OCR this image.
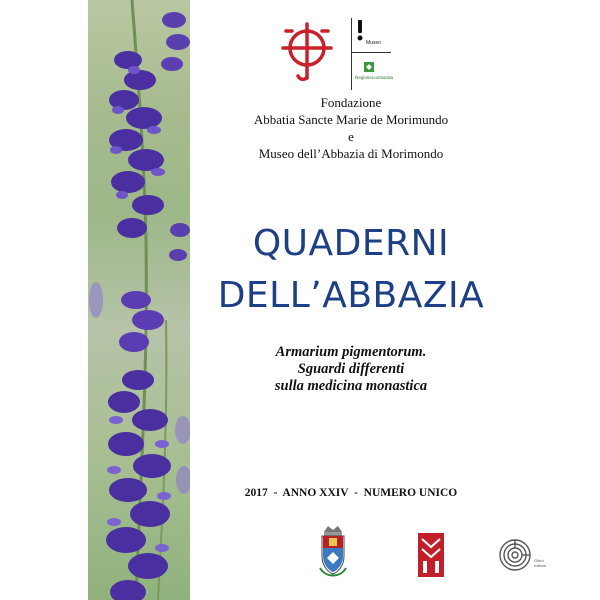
Museo
RegioneLombardia
Fondazione
Abbatia Sancte Marie de Morimundo
e
Museo dell’Abbazia di Morimondo
QUADERNI
DELL’ABBAZIA
Armarium pigmentorum.
Sguardi differenti
sulla medicina monastica
2017  -  ANNO XXIV  -  NUMERO UNICO
Ghirri
editore
